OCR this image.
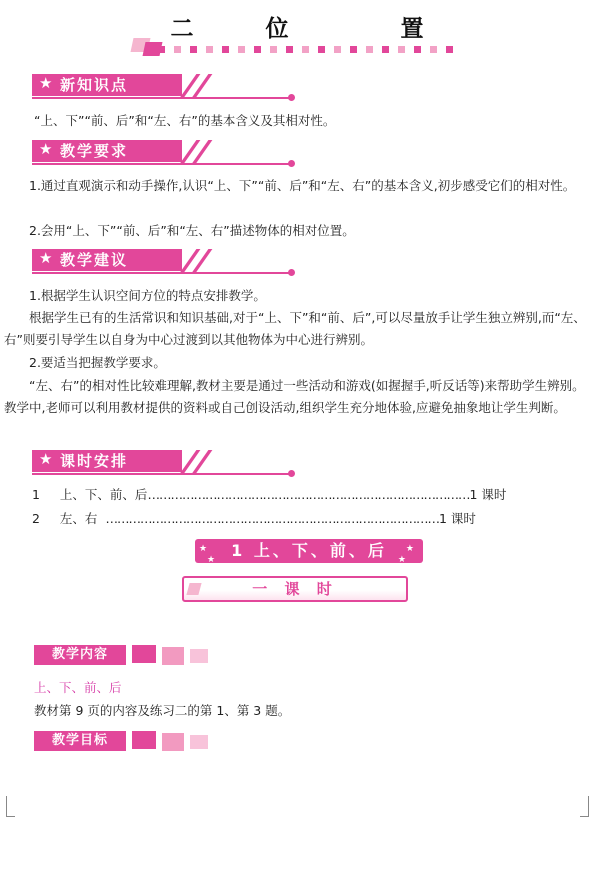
二	位	置
新知识点
★
“上、下”“前、后”和“左、右”的基本含义及其相对性。
教学要求
★
1.通过直观演示和动手操作,认识“上、下”“前、后”和“左、右”的基本含义,初步感受它们的相对性。
2.会用“上、下”“前、后”和“左、右”描述物体的相对位置。
教学建议
★
1.根据学生认识空间方位的特点安排教学。
根据学生已有的生活常识和知识基础,对于“上、下”和“前、后”,可以尽量放手让学生独立辨别,而“左、右”则要引导学生以自身为中心过渡到以其他物体为中心进行辨别。
2.要适当把握教学要求。
“左、右”的相对性比较难理解,教材主要是通过一些活动和游戏(如握握手,听反话等)来帮助学生辨别。教学中,老师可以利用教材提供的资料或自己创设活动,组织学生充分地体验,应避免抽象地让学生判断。
课时安排
★
1 上、下、前、后…………………………………………………………………………1 课时
2 左、右 ……………………………………………………………………………1 课时
★
★
★
★
1 上、下、前、后
一 课 时
教学内容
上、下、前、后
教材第 9 页的内容及练习二的第 1、第 3 题。
教学目标
